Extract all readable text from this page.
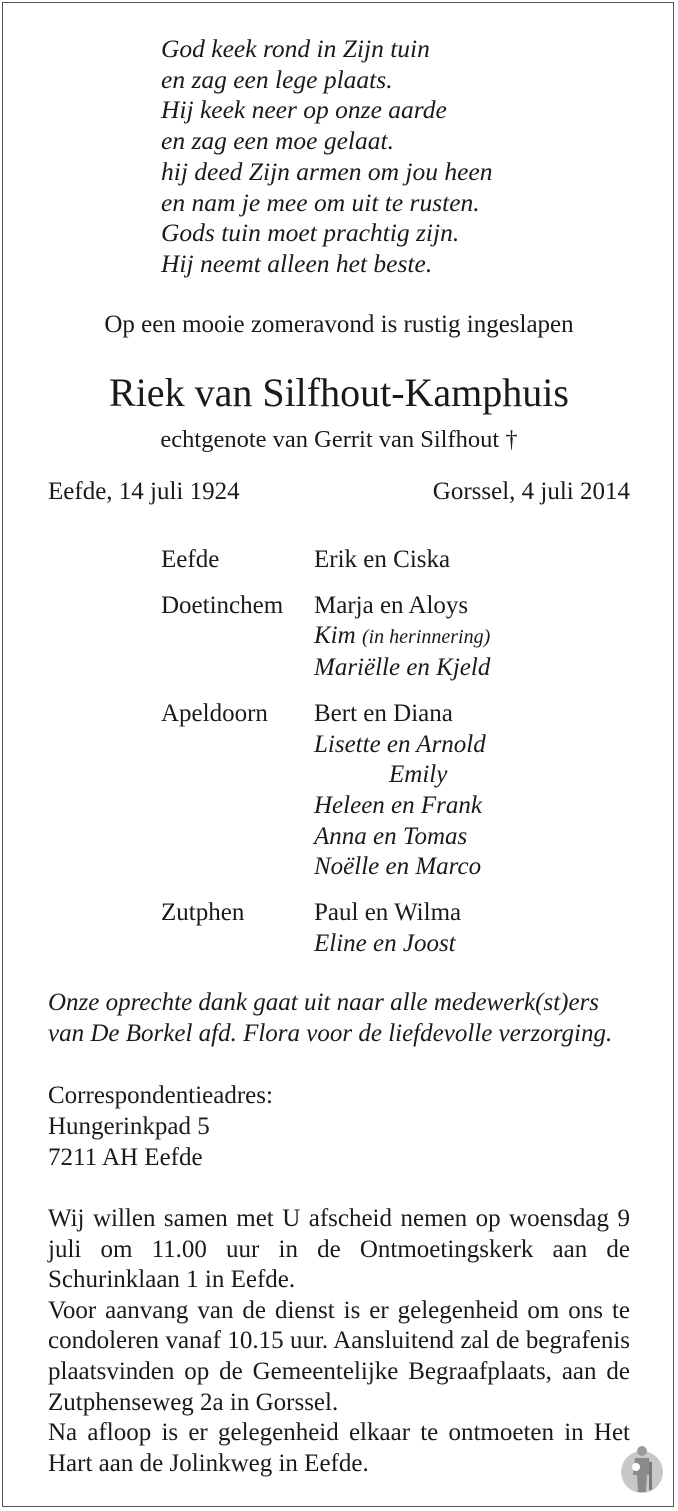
God keek rond in Zijn tuin
en zag een lege plaats.
Hij keek neer op onze aarde
en zag een moe gelaat.
hij deed Zijn armen om jou heen
en nam je mee om uit te rusten.
Gods tuin moet prachtig zijn.
Hij neemt alleen het beste.
Op een mooie zomeravond is rustig ingeslapen
Riek van Silfhout-Kamphuis
echtgenote van Gerrit van Silfhout †
Eefde, 14 juli 1924	Gorssel, 4 juli 2014
Eefde	Erik en Ciska
Doetinchem Marja en Aloys
Kim (in herinnering)
Mariëlle en Kjeld
Apeldoorn Bert en Diana
Lisette en Arnold
Emily
Heleen en Frank
Anna en Tomas
Noëlle en Marco
Zutphen	Paul en Wilma
Eline en Joost
Onze oprechte dank gaat uit naar alle medewerk(st)ers
van De Borkel afd. Flora voor de liefdevolle verzorging.
Correspondentieadres:
Hungerinkpad 5
7211 AH Eefde

Wij willen samen met U afscheid nemen op woensdag 9 juli om 11.00 uur in de Ontmoetingskerk aan de Schurinklaan 1 in Eefde.

Voor aanvang van de dienst is er gelegenheid om ons te condoleren vanaf 10.15 uur. Aansluitend zal de begrafenis plaatsvinden op de Gemeentelijke Begraafplaats, aan de Zutphenseweg 2a in Gorssel.

Na afloop is er gelegenheid elkaar te ontmoeten in Het Hart aan de Jolinkweg in Eefde.
